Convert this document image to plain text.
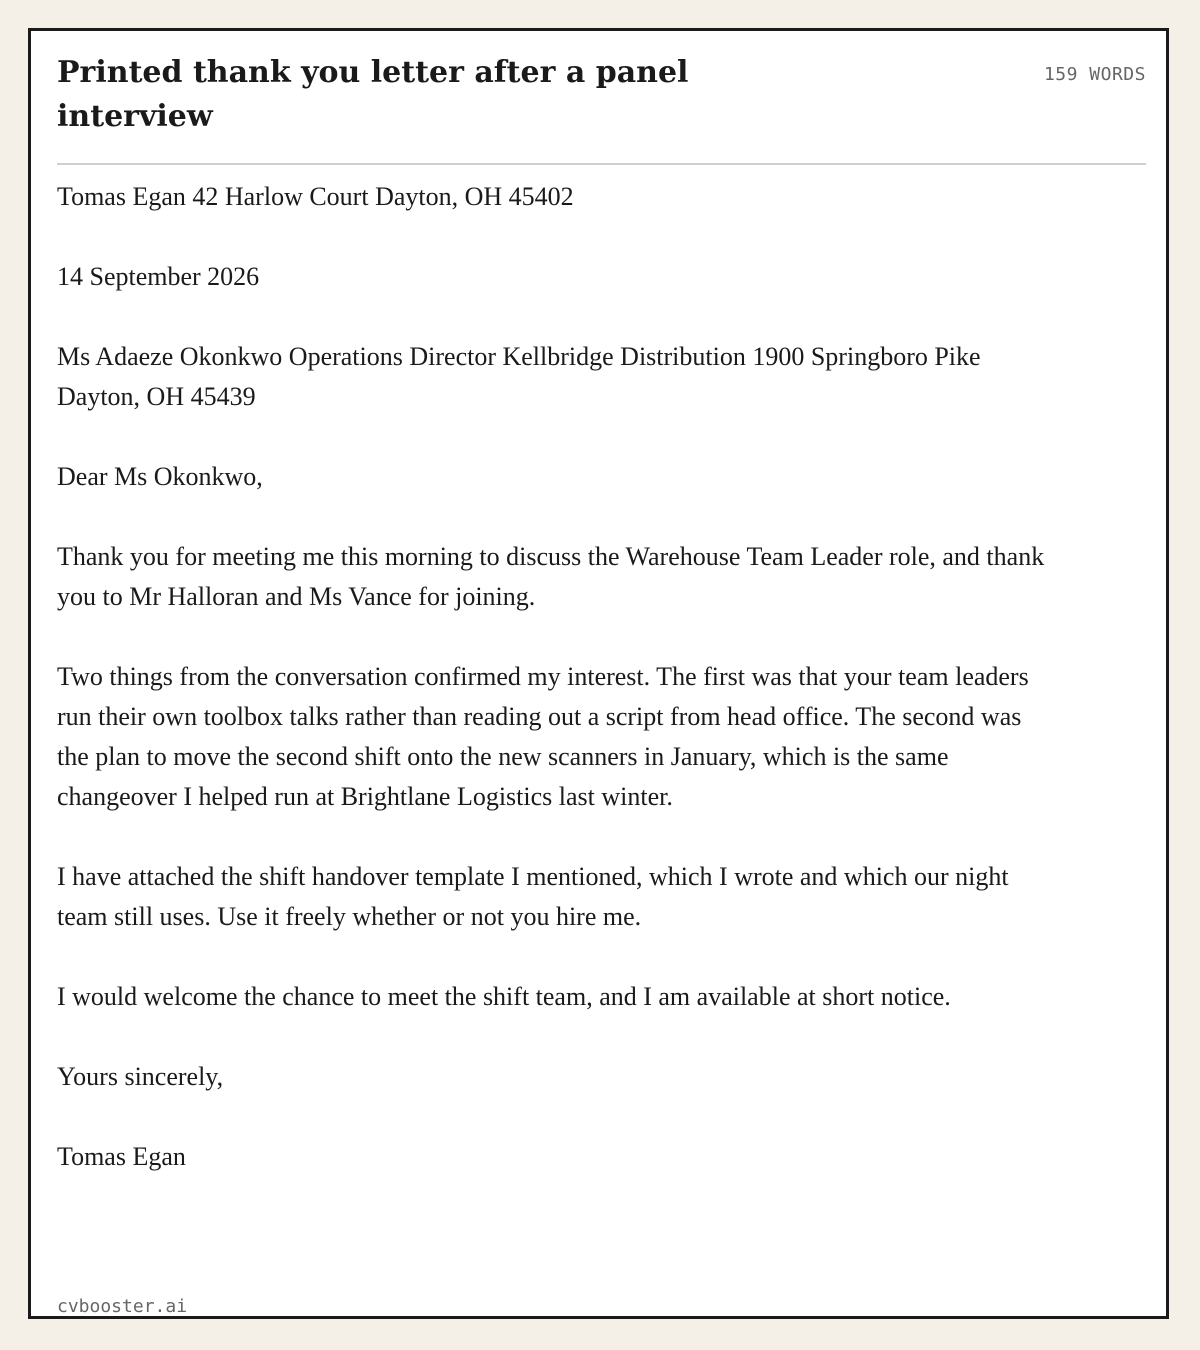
Printed thank you letter after a panel interview
159 WORDS

Tomas Egan 42 Harlow Court Dayton, OH 45402

14 September 2026

Ms Adaeze Okonkwo Operations Director Kellbridge Distribution 1900 Springboro Pike Dayton, OH 45439

Dear Ms Okonkwo,

Thank you for meeting me this morning to discuss the Warehouse Team Leader role, and thank you to Mr Halloran and Ms Vance for joining.

Two things from the conversation confirmed my interest. The first was that your team leaders run their own toolbox talks rather than reading out a script from head office. The second was the plan to move the second shift onto the new scanners in January, which is the same changeover I helped run at Brightlane Logistics last winter.

I have attached the shift handover template I mentioned, which I wrote and which our night team still uses. Use it freely whether or not you hire me.

I would welcome the chance to meet the shift team, and I am available at short notice.

Yours sincerely,

Tomas Egan

cvbooster.ai
